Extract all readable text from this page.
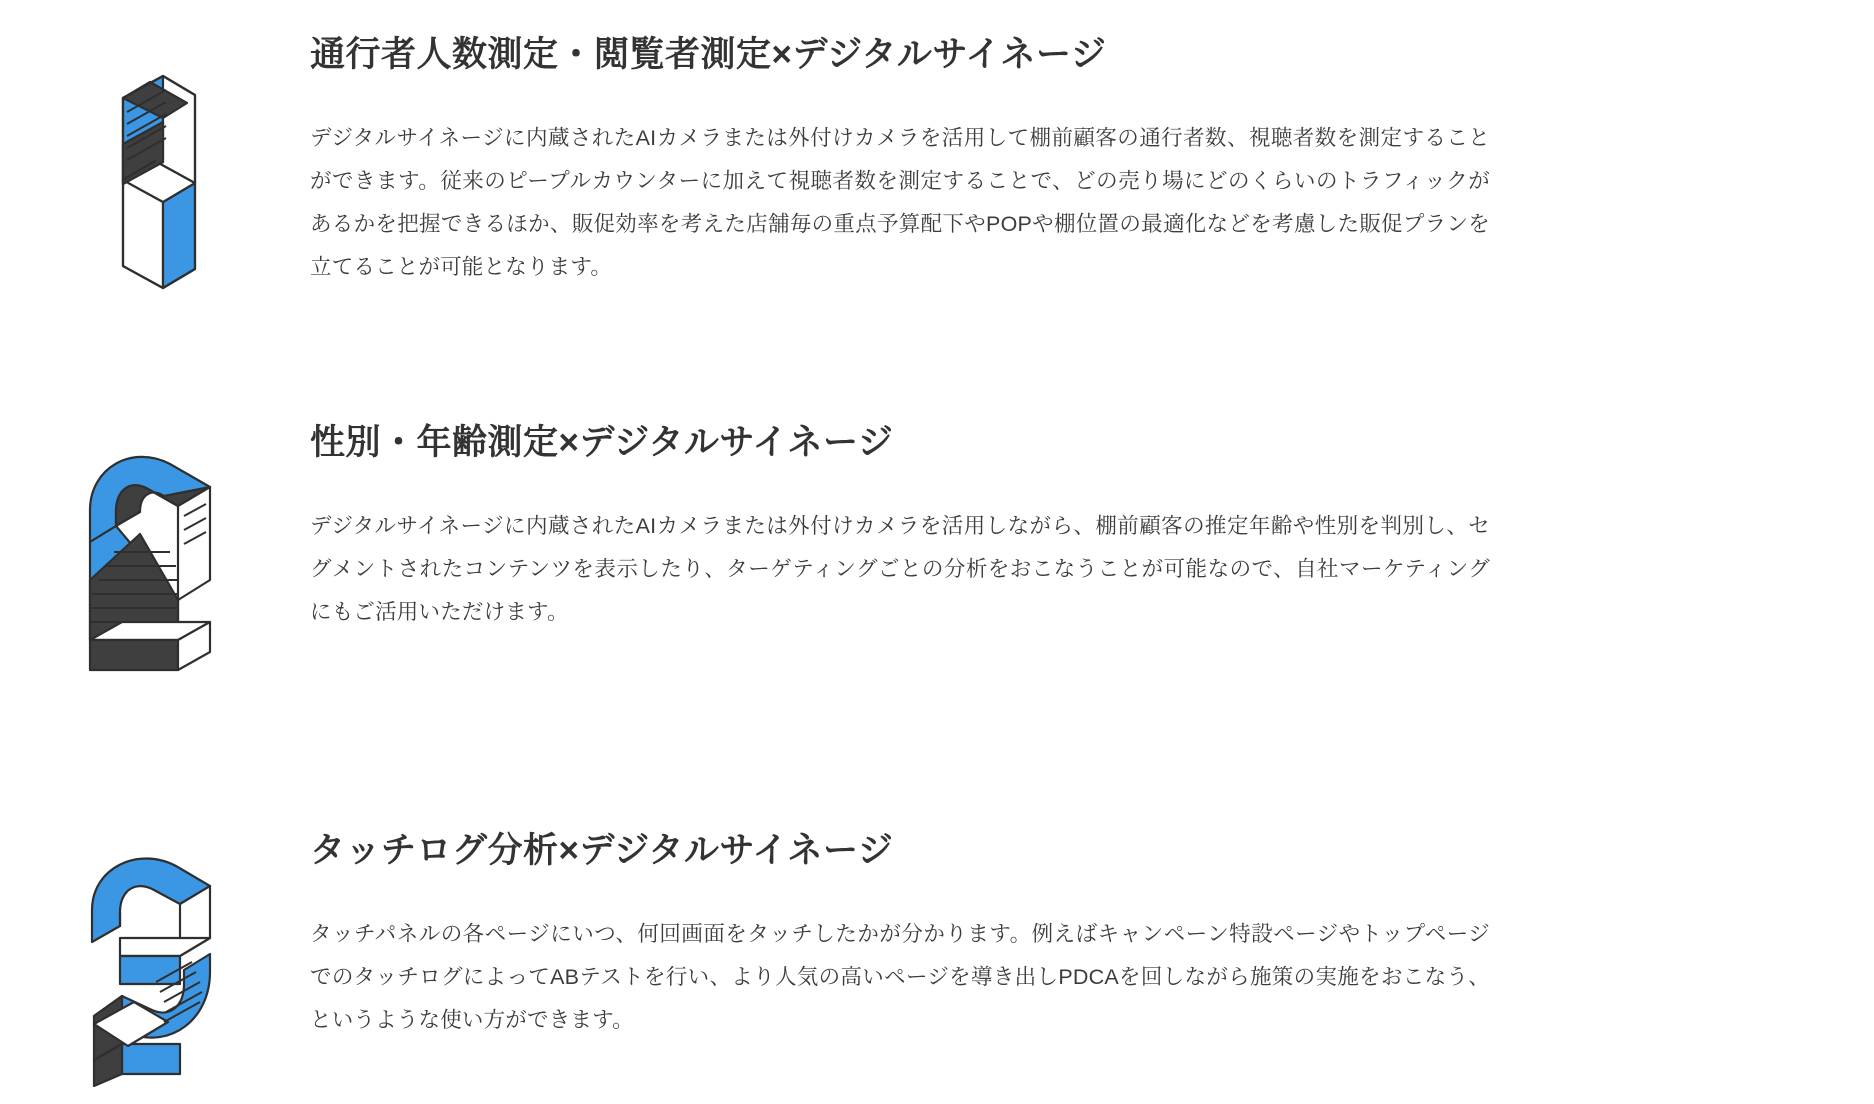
通行者人数測定・閲覧者測定×デジタルサイネージ

デジタルサイネージに内蔵されたAIカメラまたは外付けカメラを活用して棚前顧客の通行者数、視聴者数を測定することができます。従来のピープルカウンターに加えて視聴者数を測定することで、どの売り場にどのくらいのトラフィックがあるかを把握できるほか、販促効率を考えた店舗毎の重点予算配下やPOPや棚位置の最適化などを考慮した販促プランを立てることが可能となります。

性別・年齢測定×デジタルサイネージ

デジタルサイネージに内蔵されたAIカメラまたは外付けカメラを活用しながら、棚前顧客の推定年齢や性別を判別し、セグメントされたコンテンツを表示したり、ターゲティングごとの分析をおこなうことが可能なので、自社マーケティングにもご活用いただけます。

タッチログ分析×デジタルサイネージ

タッチパネルの各ページにいつ、何回画面をタッチしたかが分かります。例えばキャンペーン特設ページやトップページでのタッチログによってABテストを行い、より人気の高いページを導き出しPDCAを回しながら施策の実施をおこなう、というような使い方ができます。
